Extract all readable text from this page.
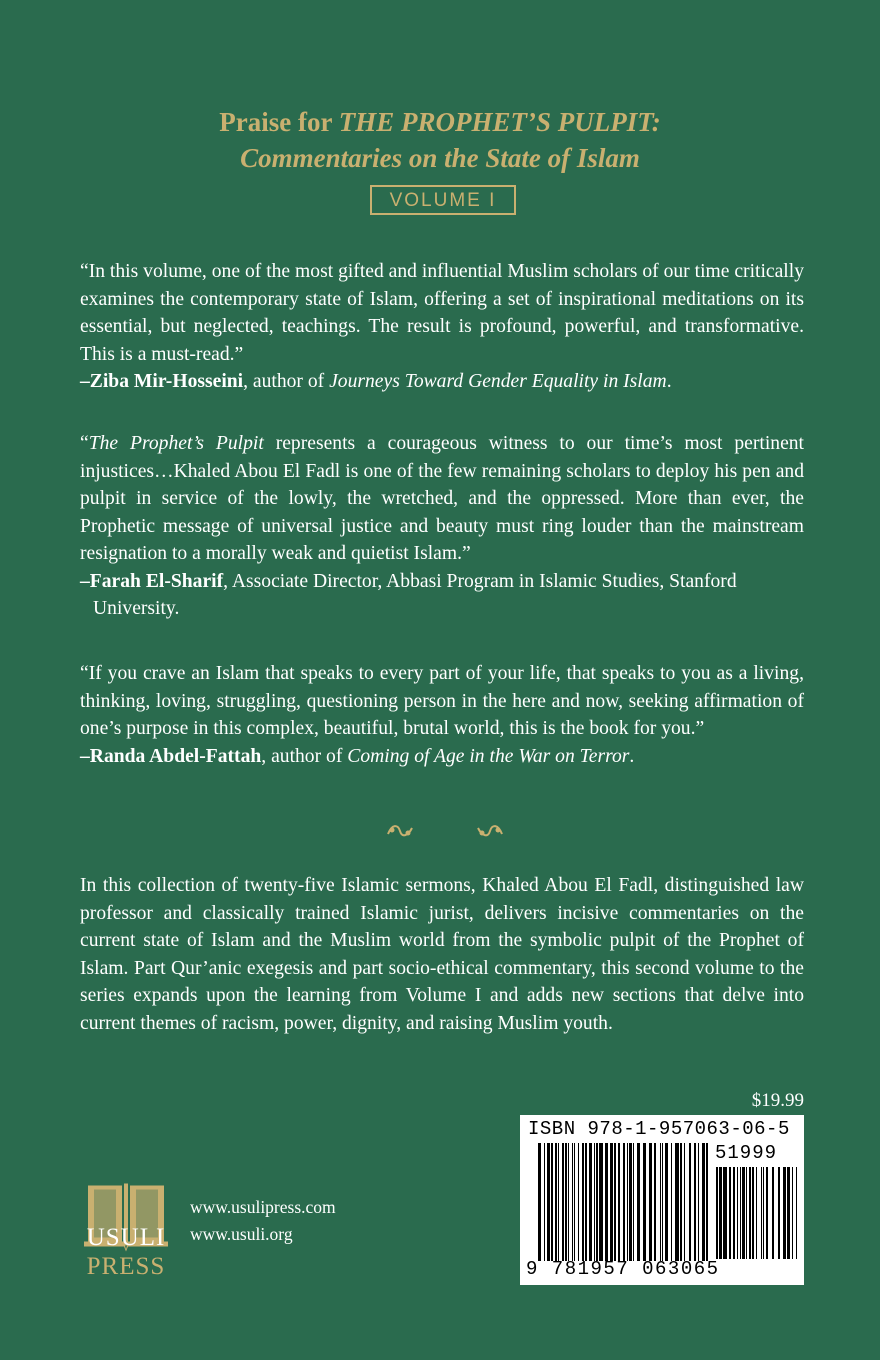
Praise for THE PROPHET’S PULPIT:
Commentaries on the State of Islam
VOLUME I

“In this volume, one of the most gifted and influential Muslim scholars of our time critically examines the contemporary state of Islam, offering a set of inspirational meditations on its essential, but neglected, teachings. The result is profound, powerful, and transformative. This is a must-read.”

–Ziba Mir-Hosseini, author of Journeys Toward Gender Equality in Islam.

“The Prophet’s Pulpit represents a courageous witness to our time’s most pertinent injustices…Khaled Abou El Fadl is one of the few remaining scholars to deploy his pen and pulpit in service of the lowly, the wretched, and the oppressed. More than ever, the Prophetic message of universal justice and beauty must ring louder than the mainstream resignation to a morally weak and quietist Islam.”

–Farah El-Sharif, Associate Director, Abbasi Program in Islamic Studies, Stanford
University.

“If you crave an Islam that speaks to every part of your life, that speaks to you as a living, thinking, loving, struggling, questioning person in the here and now, seeking affirmation of one’s purpose in this complex, beautiful, brutal world, this is the book for you.”

–Randa Abdel-Fattah, author of Coming of Age in the War on Terror.

In this collection of twenty-five Islamic sermons, Khaled Abou El Fadl, distinguished law professor and classically trained Islamic jurist, delivers incisive commentaries on the current state of Islam and the Muslim world from the symbolic pulpit of the Prophet of Islam. Part Qur’anic exegesis and part socio-ethical commentary, this second volume to the series expands upon the learning from Volume I and adds new sections that delve into current themes of racism, power, dignity, and raising Muslim youth.

$19.99
ISBN 978-1-957063-06-5
51999
9 781957 063065
USULI
PRESS
www.usulipress.com
www.usuli.org
